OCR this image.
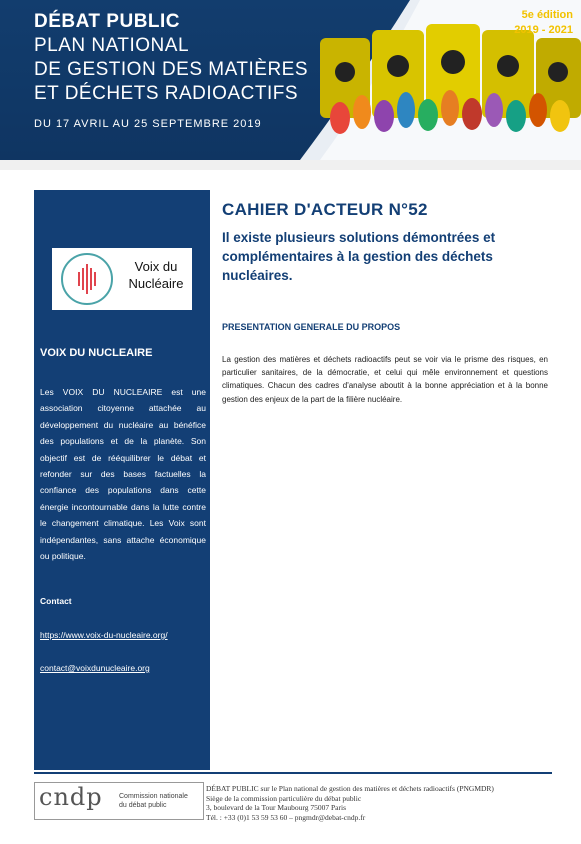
DÉBAT PUBLIC
PLAN NATIONAL
DE GESTION DES MATIÈRES
ET DÉCHETS RADIOACTIFS
DU 17 AVRIL AU 25 SEPTEMBRE 2019
5e édition
2019 - 2021
Voix du
Nucléaire
VOIX DU NUCLEAIRE
Les VOIX DU NUCLEAIRE est une association citoyenne attachée au développement du nucléaire au bénéfice des populations et de la planète. Son objectif est de rééquilibrer le débat et refonder sur des bases factuelles la confiance des populations dans cette énergie incontournable dans la lutte contre le changement climatique. Les Voix sont indépendantes, sans attache économique ou politique.
Contact
https://www.voix-du-nucleaire.org/
contact@voixdunucleaire.org
CAHIER D'ACTEUR N°52
Il existe plusieurs solutions démontrées et complémentaires à la gestion des déchets nucléaires.
PRESENTATION GENERALE DU PROPOS
La gestion des matières et déchets radioactifs peut se voir via le prisme des risques, en particulier sanitaires, de la démocratie, et celui qui mêle environnement et questions climatiques. Chacun des cadres d'analyse aboutit à la bonne appréciation et à la bonne gestion des enjeux de la part de la filière nucléaire.
cndp Commission nationale
du débat public
DÉBAT PUBLIC sur le Plan national de gestion des matières et déchets radioactifs (PNGMDR)
Siège de la commission particulière du débat public
3, boulevard de la Tour Maubourg 75007 Paris
Tél. : +33 (0)1 53 59 53 60 – pngmdr@debat-cndp.fr
